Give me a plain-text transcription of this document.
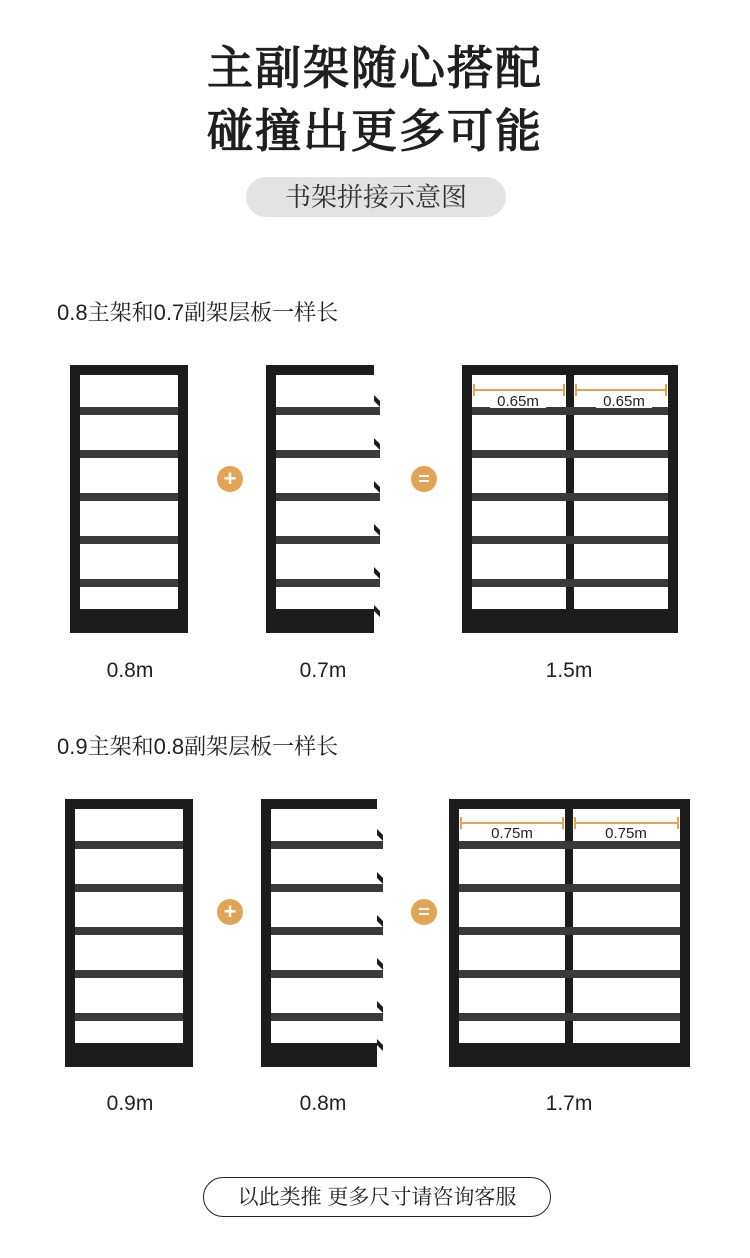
主副架随心搭配
碰撞出更多可能
书架拼接示意图
0.8主架和0.7副架层板一样长
0.8m
+
0.7m
0.65m	0.65m
1.5m
0.9主架和0.8副架层板一样长
0.9m
+
0.8m
0.75m	0.75m
1.7m
以此类推 更多尺寸请咨询客服
